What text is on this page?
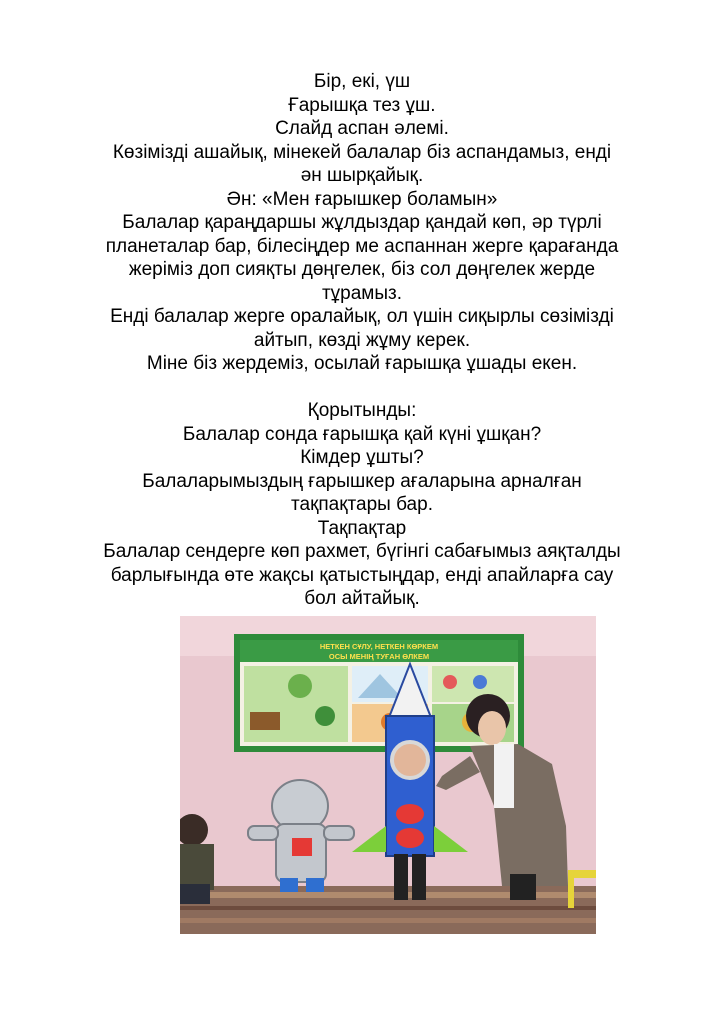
Бір, екі, үш
Ғарышқа тез ұш.
Слайд аспан әлемі.
Көзімізді ашайық, мінекей балалар біз аспандамыз, енді
ән шырқайық.
Ән: «Мен ғарышкер боламын»
Балалар қараңдаршы жұлдыздар қандай көп, әр түрлі
планеталар бар, білесіңдер ме аспаннан жерге қарағанда
жеріміз доп сияқты дөңгелек, біз сол дөңгелек жерде
тұрамыз.
Енді балалар жерге оралайық, ол үшін сиқырлы сөзімізді
айтып, көзді жұму керек.
Міне біз жердеміз, осылай ғарышқа ұшады екен.
Қорытынды:
Балалар сонда ғарышқа қай күні ұшқан?
Кімдер ұшты?
Балаларымыздың ғарышкер ағаларына арналған
тақпақтары бар.
Тақпақтар
Балалар сендерге көп рахмет, бүгінгі сабағымыз аяқталды
барлығында өте жақсы қатыстыңдар, енді апайларға сау
бол айтайық.
НЕТКЕН СҰЛУ, НЕТКЕН КӨРКЕМ
ОСЫ МЕНІҢ ТУҒАН ӨЛКЕМ
